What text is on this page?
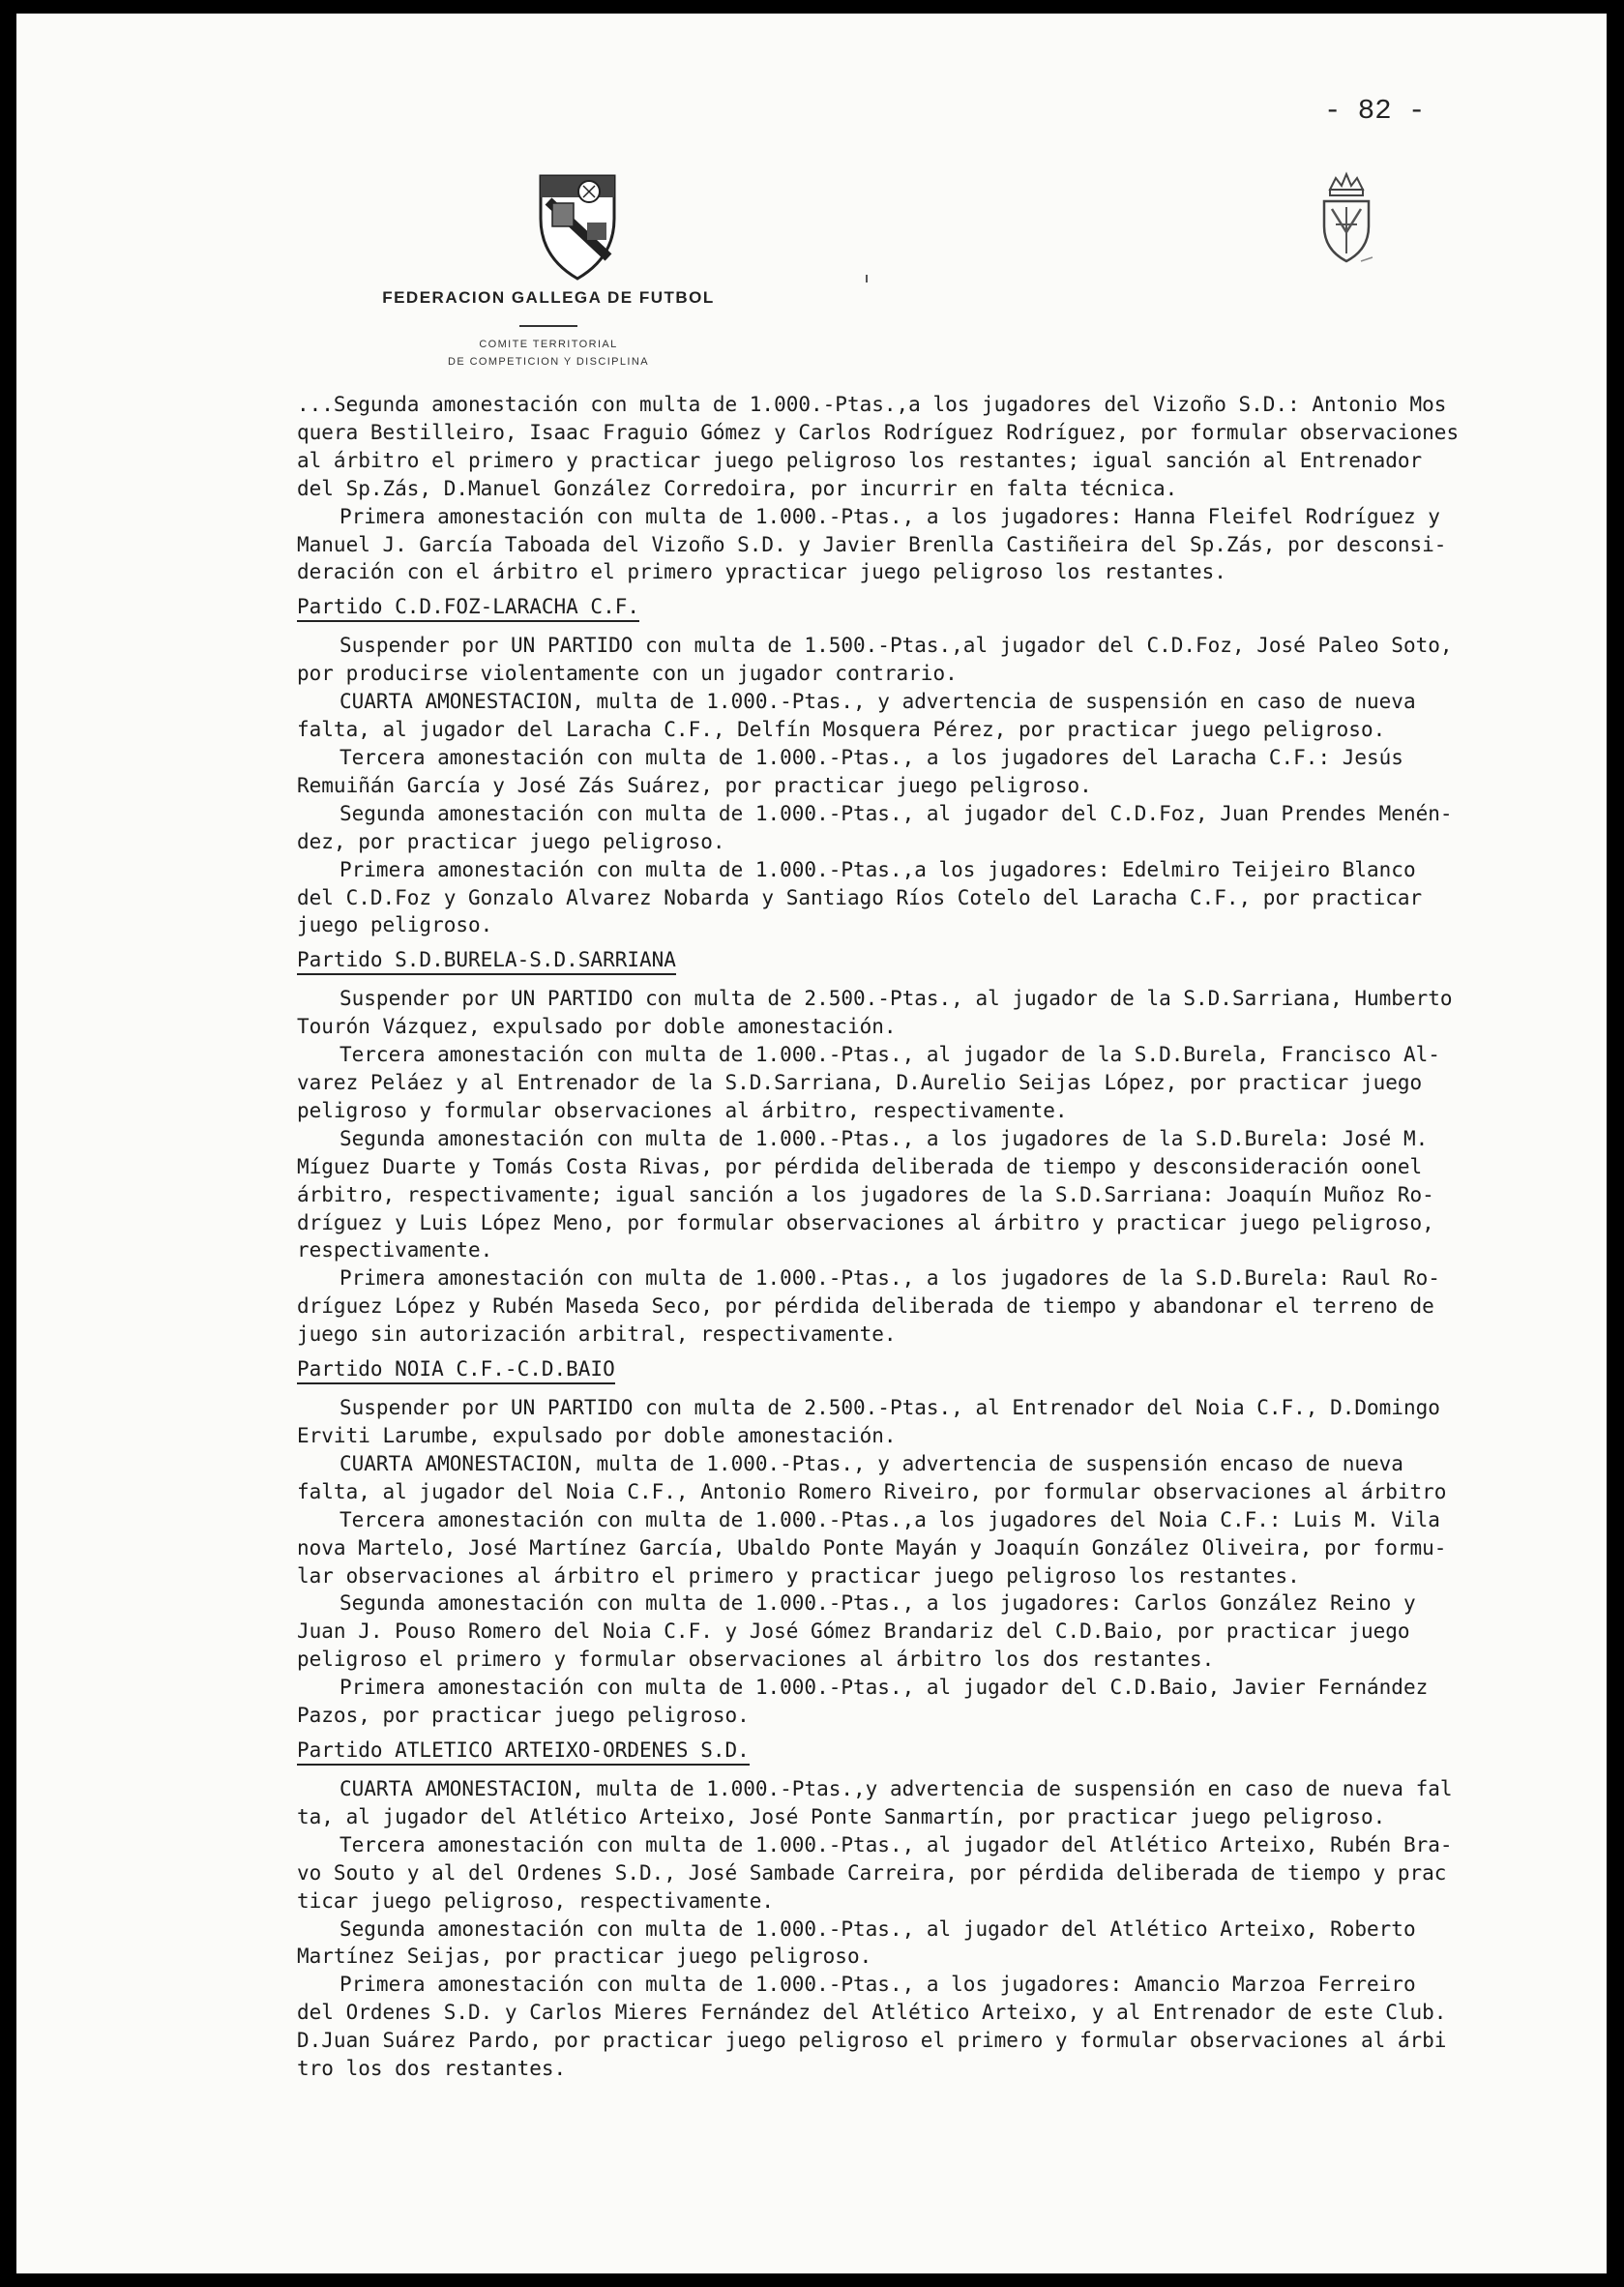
- 82 -
FEDERACION GALLEGA DE FUTBOL
COMITE TERRITORIAL
DE COMPETICION Y DISCIPLINA
...Segunda amonestación con multa de 1.000.-Ptas.,a los jugadores del Vizoño S.D.: Antonio Mos
quera Bestilleiro, Isaac Fraguio Gómez y Carlos Rodríguez Rodríguez, por formular observaciones
al árbitro el primero y practicar juego peligroso los restantes; igual sanción al Entrenador
del Sp.Zás, D.Manuel González Corredoira, por incurrir en falta técnica.
Primera amonestación con multa de 1.000.-Ptas., a los jugadores: Hanna Fleifel Rodríguez y
Manuel J. García Taboada del Vizoño S.D. y Javier Brenlla Castiñeira del Sp.Zás, por desconsi-
deración con el árbitro el primero ypracticar juego peligroso los restantes.
Partido C.D.FOZ-LARACHA C.F.
Suspender por UN PARTIDO con multa de 1.500.-Ptas.,al jugador del C.D.Foz, José Paleo Soto,
por producirse violentamente con un jugador contrario.
CUARTA AMONESTACION, multa de 1.000.-Ptas., y advertencia de suspensión en caso de nueva
falta, al jugador del Laracha C.F., Delfín Mosquera Pérez, por practicar juego peligroso.
Tercera amonestación con multa de 1.000.-Ptas., a los jugadores del Laracha C.F.: Jesús
Remuiñán García y José Zás Suárez, por practicar juego peligroso.
Segunda amonestación con multa de 1.000.-Ptas., al jugador del C.D.Foz, Juan Prendes Menén-
dez, por practicar juego peligroso.
Primera amonestación con multa de 1.000.-Ptas.,a los jugadores: Edelmiro Teijeiro Blanco
del C.D.Foz y Gonzalo Alvarez Nobarda y Santiago Ríos Cotelo del Laracha C.F., por practicar
juego peligroso.
Partido S.D.BURELA-S.D.SARRIANA
Suspender por UN PARTIDO con multa de 2.500.-Ptas., al jugador de la S.D.Sarriana, Humberto
Tourón Vázquez, expulsado por doble amonestación.
Tercera amonestación con multa de 1.000.-Ptas., al jugador de la S.D.Burela, Francisco Al-
varez Peláez y al Entrenador de la S.D.Sarriana, D.Aurelio Seijas López, por practicar juego
peligroso y formular observaciones al árbitro, respectivamente.
Segunda amonestación con multa de 1.000.-Ptas., a los jugadores de la S.D.Burela: José M.
Míguez Duarte y Tomás Costa Rivas, por pérdida deliberada de tiempo y desconsideración oonel
árbitro, respectivamente; igual sanción a los jugadores de la S.D.Sarriana: Joaquín Muñoz Ro-
dríguez y Luis López Meno, por formular observaciones al árbitro y practicar juego peligroso,
respectivamente.
Primera amonestación con multa de 1.000.-Ptas., a los jugadores de la S.D.Burela: Raul Ro-
dríguez López y Rubén Maseda Seco, por pérdida deliberada de tiempo y abandonar el terreno de
juego sin autorización arbitral, respectivamente.
Partido NOIA C.F.-C.D.BAIO
Suspender por UN PARTIDO con multa de 2.500.-Ptas., al Entrenador del Noia C.F., D.Domingo
Erviti Larumbe, expulsado por doble amonestación.
CUARTA AMONESTACION, multa de 1.000.-Ptas., y advertencia de suspensión encaso de nueva
falta, al jugador del Noia C.F., Antonio Romero Riveiro, por formular observaciones al árbitro
Tercera amonestación con multa de 1.000.-Ptas.,a los jugadores del Noia C.F.: Luis M. Vila
nova Martelo, José Martínez García, Ubaldo Ponte Mayán y Joaquín González Oliveira, por formu-
lar observaciones al árbitro el primero y practicar juego peligroso los restantes.
Segunda amonestación con multa de 1.000.-Ptas., a los jugadores: Carlos González Reino y
Juan J. Pouso Romero del Noia C.F. y José Gómez Brandariz del C.D.Baio, por practicar juego
peligroso el primero y formular observaciones al árbitro los dos restantes.
Primera amonestación con multa de 1.000.-Ptas., al jugador del C.D.Baio, Javier Fernández
Pazos, por practicar juego peligroso.
Partido ATLETICO ARTEIXO-ORDENES S.D.
CUARTA AMONESTACION, multa de 1.000.-Ptas.,y advertencia de suspensión en caso de nueva fal
ta, al jugador del Atlético Arteixo, José Ponte Sanmartín, por practicar juego peligroso.
Tercera amonestación con multa de 1.000.-Ptas., al jugador del Atlético Arteixo, Rubén Bra-
vo Souto y al del Ordenes S.D., José Sambade Carreira, por pérdida deliberada de tiempo y prac
ticar juego peligroso, respectivamente.
Segunda amonestación con multa de 1.000.-Ptas., al jugador del Atlético Arteixo, Roberto
Martínez Seijas, por practicar juego peligroso.
Primera amonestación con multa de 1.000.-Ptas., a los jugadores: Amancio Marzoa Ferreiro
del Ordenes S.D. y Carlos Mieres Fernández del Atlético Arteixo, y al Entrenador de este Club.
D.Juan Suárez Pardo, por practicar juego peligroso el primero y formular observaciones al árbi
tro los dos restantes.
